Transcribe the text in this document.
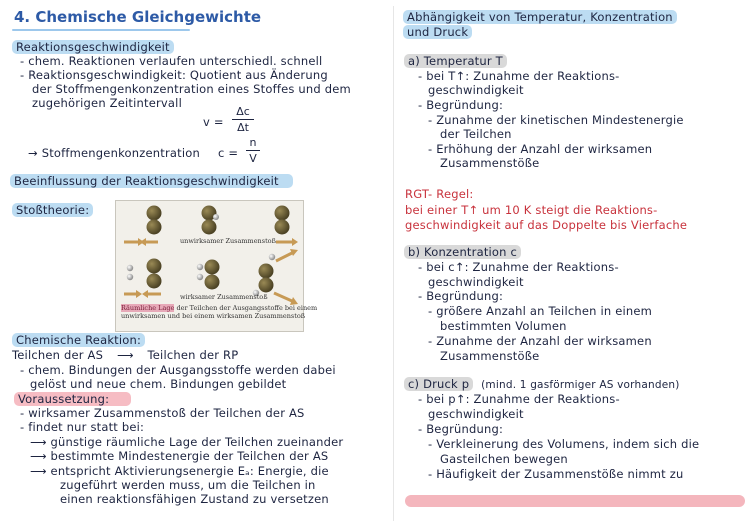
4. Chemische Gleichgewichte
Reaktionsgeschwindigkeit
- chem. Reaktionen verlaufen unterschiedl. schnell
- Reaktionsgeschwindigkeit: Quotient aus Änderung
der Stoffmengenkonzentration eines Stoffes und dem
zugehörigen Zeitintervall
v =
Δc
Δt
→ Stoffmengenkonzentration c =
n
V
Beeinflussung der Reaktionsgeschwindigkeit
Stoßtheorie:
unwirksamer Zusammenstoß
wirksamer Zusammenstoß
Räumliche Lage der Teilchen der Ausgangsstoffe bei einem
unwirksamen und bei einem wirksamen Zusammenstoß
Chemische Reaktion:
Teilchen der AS ⟶ Teilchen der RP
- chem. Bindungen der Ausgangsstoffe werden dabei
gelöst und neue chem. Bindungen gebildet
Voraussetzung:
- wirksamer Zusammenstoß der Teilchen der AS
- findet nur statt bei:
⟶ günstige räumliche Lage der Teilchen zueinander
⟶ bestimmte Mindestenergie der Teilchen der AS
⟶ entspricht Aktivierungsenergie Eₐ: Energie, die
zugeführt werden muss, um die Teilchen in
einen reaktionsfähigen Zustand zu versetzen
Abhängigkeit von Temperatur, Konzentration
und Druck
a) Temperatur T
- bei T↑: Zunahme der Reaktions-
geschwindigkeit
- Begründung:
- Zunahme der kinetischen Mindestenergie
der Teilchen
- Erhöhung der Anzahl der wirksamen
Zusammenstöße
RGT- Regel:
bei einer T↑ um 10 K steigt die Reaktions-
geschwindigkeit auf das Doppelte bis Vierfache
b) Konzentration c
- bei c↑: Zunahme der Reaktions-
geschwindigkeit
- Begründung:
- größere Anzahl an Teilchen in einem
bestimmten Volumen
- Zunahme der Anzahl der wirksamen
Zusammenstöße
c) Druck p (mind. 1 gasförmiger AS vorhanden)
- bei p↑: Zunahme der Reaktions-
geschwindigkeit
- Begründung:
- Verkleinerung des Volumens, indem sich die
Gasteilchen bewegen
- Häufigkeit der Zusammenstöße nimmt zu
